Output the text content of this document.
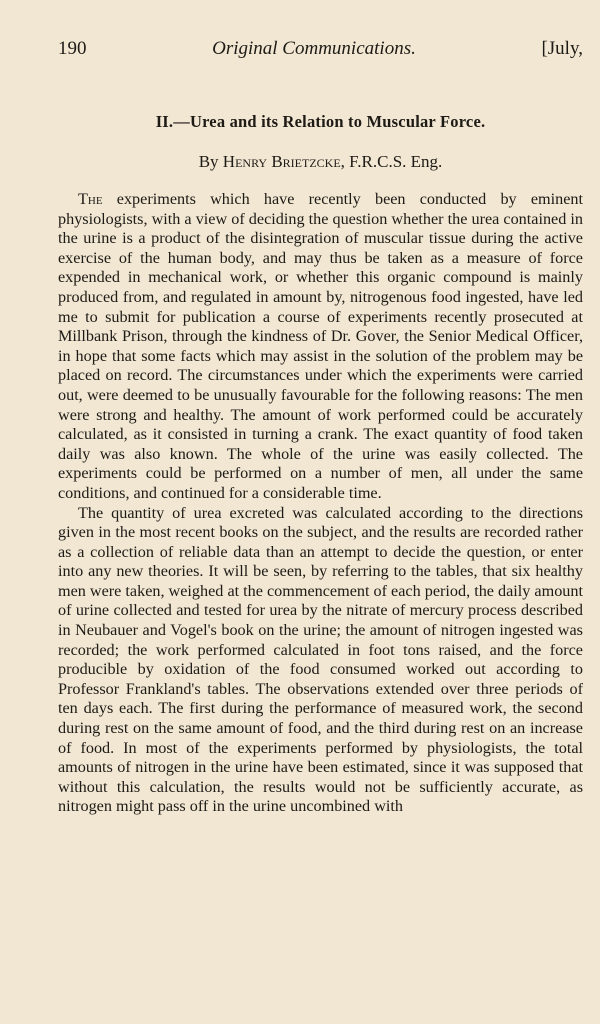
190	Original Communications.	[July,
II.—Urea and its Relation to Muscular Force.
By Henry Brietzcke, F.R.C.S. Eng.

The experiments which have recently been conducted by eminent physiologists, with a view of deciding the question whether the urea contained in the urine is a product of the disintegration of muscular tissue during the active exercise of the human body, and may thus be taken as a measure of force expended in mechanical work, or whether this organic compound is mainly produced from, and regulated in amount by, nitrogenous food ingested, have led me to submit for publication a course of experiments recently prosecuted at Millbank Prison, through the kindness of Dr. Gover, the Senior Medical Officer, in hope that some facts which may assist in the solution of the problem may be placed on record. The circumstances under which the experiments were carried out, were deemed to be unusually favourable for the following reasons: The men were strong and healthy. The amount of work performed could be accurately calculated, as it consisted in turning a crank. The exact quantity of food taken daily was also known. The whole of the urine was easily collected. The experiments could be performed on a number of men, all under the same conditions, and continued for a considerable time.

The quantity of urea excreted was calculated according to the directions given in the most recent books on the subject, and the results are recorded rather as a collection of reliable data than an attempt to decide the question, or enter into any new theories. It will be seen, by referring to the tables, that six healthy men were taken, weighed at the commencement of each period, the daily amount of urine collected and tested for urea by the nitrate of mercury process described in Neubauer and Vogel's book on the urine; the amount of nitrogen ingested was recorded; the work performed calculated in foot tons raised, and the force producible by oxidation of the food consumed worked out according to Professor Frankland's tables. The observations extended over three periods of ten days each. The first during the performance of measured work, the second during rest on the same amount of food, and the third during rest on an increase of food. In most of the experiments performed by physiologists, the total amounts of nitrogen in the urine have been estimated, since it was supposed that without this calculation, the results would not be sufficiently accurate, as nitrogen might pass off in the urine uncombined with
